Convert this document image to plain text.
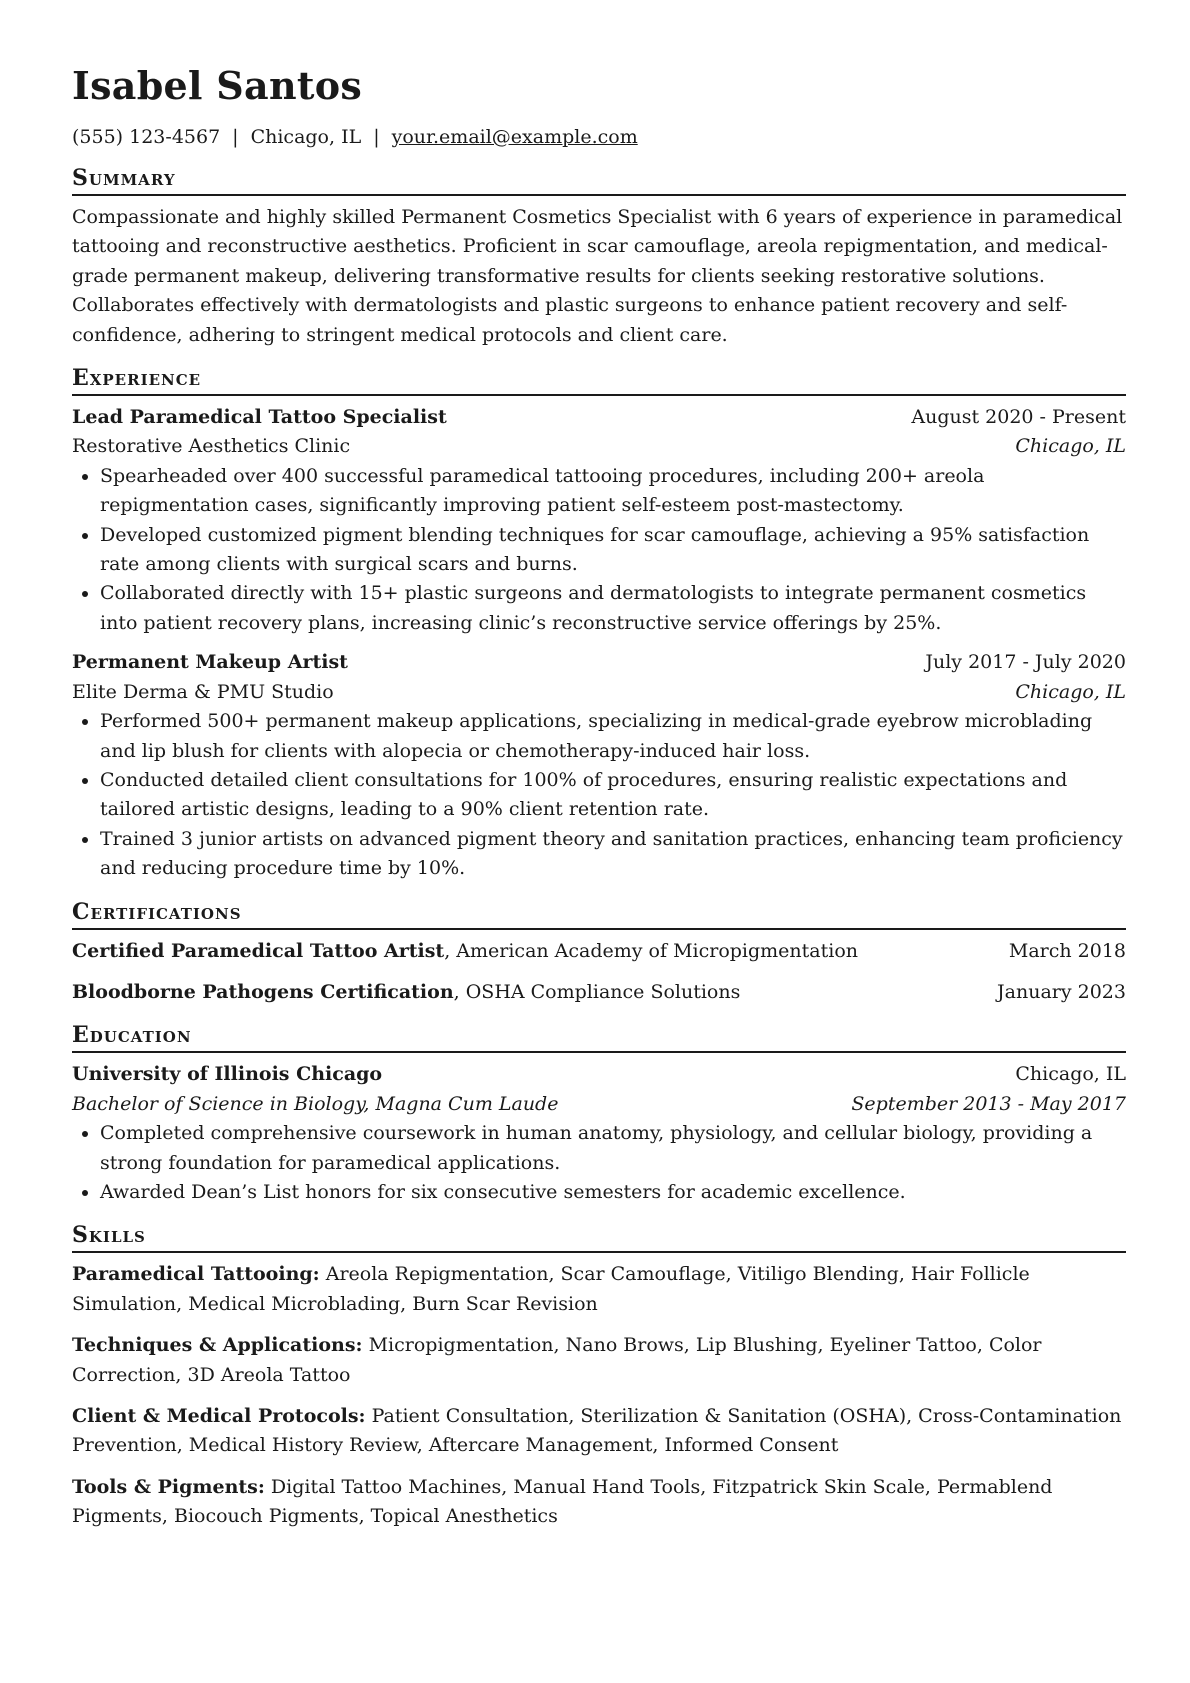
Isabel Santos
(555) 123-4567 | Chicago, IL | your.email@example.com
Summary

Compassionate and highly skilled Permanent Cosmetics Specialist with 6 years of experience in paramedical tattooing and reconstructive aesthetics. Proficient in scar camouflage, areola repigmentation, and medical-grade permanent makeup, delivering transformative results for clients seeking restorative solutions. Collaborates effectively with dermatologists and plastic surgeons to enhance patient recovery and self-confidence, adhering to stringent medical protocols and client care.

Experience
Lead Paramedical Tattoo Specialist	August 2020 - Present
Restorative Aesthetics Clinic	Chicago, IL
• Spearheaded over 400 successful paramedical tattooing procedures, including 200+ areola repigmentation cases, significantly improving patient self-esteem post-mastectomy.
• Developed customized pigment blending techniques for scar camouflage, achieving a 95% satisfaction rate among clients with surgical scars and burns.
• Collaborated directly with 15+ plastic surgeons and dermatologists to integrate permanent cosmetics into patient recovery plans, increasing clinic’s reconstructive service offerings by 25%.
Permanent Makeup Artist	July 2017 - July 2020
Elite Derma & PMU Studio	Chicago, IL
• Performed 500+ permanent makeup applications, specializing in medical-grade eyebrow microblading and lip blush for clients with alopecia or chemotherapy-induced hair loss.
• Conducted detailed client consultations for 100% of procedures, ensuring realistic expectations and tailored artistic designs, leading to a 90% client retention rate.
• Trained 3 junior artists on advanced pigment theory and sanitation practices, enhancing team proficiency and reducing procedure time by 10%.
Certifications
Certified Paramedical Tattoo Artist, American Academy of Micropigmentation	March 2018
Bloodborne Pathogens Certification, OSHA Compliance Solutions	January 2023
Education
University of Illinois Chicago	Chicago, IL
Bachelor of Science in Biology, Magna Cum Laude	September 2013 - May 2017
• Completed comprehensive coursework in human anatomy, physiology, and cellular biology, providing a strong foundation for paramedical applications.
• Awarded Dean’s List honors for six consecutive semesters for academic excellence.
Skills
Paramedical Tattooing: Areola Repigmentation, Scar Camouflage, Vitiligo Blending, Hair Follicle Simulation, Medical Microblading, Burn Scar Revision
Techniques & Applications: Micropigmentation, Nano Brows, Lip Blushing, Eyeliner Tattoo, Color Correction, 3D Areola Tattoo
Client & Medical Protocols: Patient Consultation, Sterilization & Sanitation (OSHA), Cross-Contamination Prevention, Medical History Review, Aftercare Management, Informed Consent
Tools & Pigments: Digital Tattoo Machines, Manual Hand Tools, Fitzpatrick Skin Scale, Permablend Pigments, Biocouch Pigments, Topical Anesthetics
